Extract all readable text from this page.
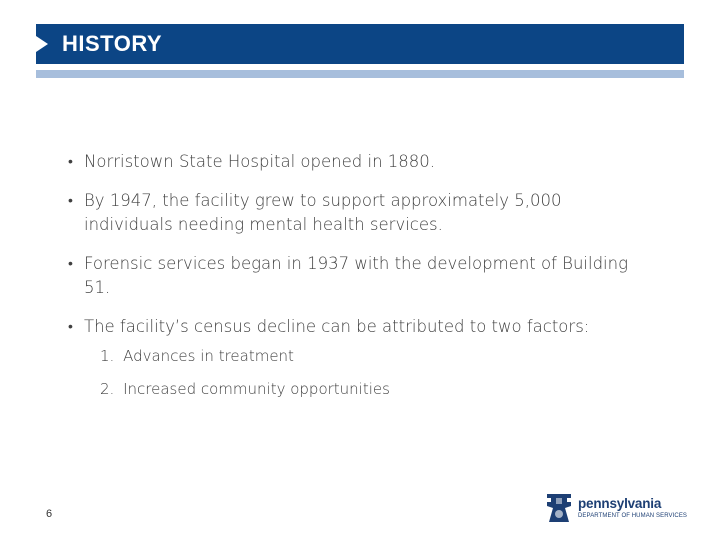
HISTORY
• Norristown State Hospital opened in 1880.
• By 1947, the facility grew to support approximately 5,000 individuals needing mental health services.
• Forensic services began in 1937 with the development of Building 51.
• The facility’s census decline can be attributed to two factors:
1. Advances in treatment
2. Increased community opportunities
6
pennsylvania
DEPARTMENT OF HUMAN SERVICES
